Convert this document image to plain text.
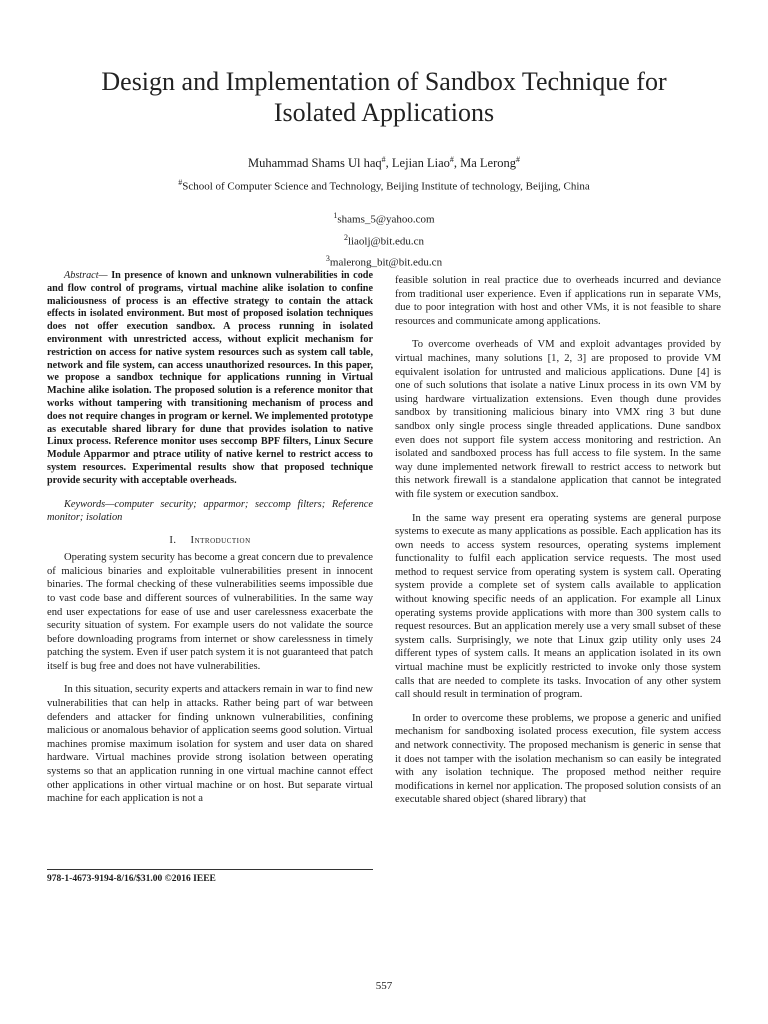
Design and Implementation of Sandbox Technique for Isolated Applications
Muhammad Shams Ul haq#, Lejian Liao#, Ma Lerong#
#School of Computer Science and Technology, Beijing Institute of technology, Beijing, China
$^1$shams_5@yahoo.com
$^2$liaolj@bit.edu.cn
$^3$malerong_bit@bit.edu.cn

Abstract— In presence of known and unknown vulnerabilities in code and flow control of programs, virtual machine alike isolation to confine maliciousness of process is an effective strategy to contain the attack effects in isolated environment. But most of proposed isolation techniques does not offer execution sandbox. A process running in isolated environment with unrestricted access, without explicit mechanism for restriction on access for native system resources such as system call table, network and file system, can access unauthorized resources. In this paper, we propose a sandbox technique for applications running in Virtual Machine alike isolation. The proposed solution is a reference monitor that works without tampering with transitioning mechanism of process and does not require changes in program or kernel. We implemented prototype as executable shared library for dune that provides isolation to native Linux process. Reference monitor uses seccomp BPF filters, Linux Secure Module Apparmor and ptrace utility of native kernel to restrict access to system resources. Experimental results show that proposed technique provide security with acceptable overheads.

Keywords—computer security; apparmor; seccomp filters; Reference monitor; isolation

I. Introduction

Operating system security has become a great concern due to prevalence of malicious binaries and exploitable vulnerabilities present in innocent binaries. The formal checking of these vulnerabilities seems impossible due to vast code base and different sources of vulnerabilities. In the same way end user expectations for ease of use and user carelessness exacerbate the security situation of system. For example users do not validate the source before downloading programs from internet or show carelessness in timely patching the system. Even if user patch system it is not guaranteed that patch itself is bug free and does not have vulnerabilities.

In this situation, security experts and attackers remain in war to find new vulnerabilities that can help in attacks. Rather being part of war between defenders and attacker for finding unknown vulnerabilities, confining malicious or anomalous behavior of application seems good solution. Virtual machines promise maximum isolation for system and user data on shared hardware. Virtual machines provide strong isolation between operating systems so that an application running in one virtual machine cannot effect other applications in other virtual machine or on host. But separate virtual machine for each application is not a

978-1-4673-9194-8/16/$31.00 ©2016 IEEE

feasible solution in real practice due to overheads incurred and deviance from traditional user experience. Even if applications run in separate VMs, due to poor integration with host and other VMs, it is not feasible to share resources and communicate among applications.

To overcome overheads of VM and exploit advantages provided by virtual machines, many solutions [1, 2, 3] are proposed to provide VM equivalent isolation for untrusted and malicious applications. Dune [4] is one of such solutions that isolate a native Linux process in its own VM by using hardware virtualization extensions. Even though dune provides sandbox by transitioning malicious binary into VMX ring 3 but dune sandbox only single process single threaded applications. Dune sandbox even does not support file system access monitoring and restriction. An isolated and sandboxed process has full access to file system. In the same way dune implemented network firewall to restrict access to network but this network firewall is a standalone application that cannot be integrated with file system or execution sandbox.

In the same way present era operating systems are general purpose systems to execute as many applications as possible. Each application has its own needs to access system resources, operating systems implement functionality to fulfil each application service requests. The most used method to request service from operating system is system call. Operating system provide a complete set of system calls available to application without knowing specific needs of an application. For example all Linux operating systems provide applications with more than 300 system calls to request resources. But an application merely use a very small subset of these system calls. Surprisingly, we note that Linux gzip utility only uses 24 different types of system calls. It means an application isolated in its own virtual machine must be explicitly restricted to invoke only those system calls that are needed to complete its tasks. Invocation of any other system call should result in termination of program.

In order to overcome these problems, we propose a generic and unified mechanism for sandboxing isolated process execution, file system access and network connectivity. The proposed mechanism is generic in sense that it does not tamper with the isolation mechanism so can easily be integrated with any isolation technique. The proposed method neither require modifications in kernel nor application. The proposed solution consists of an executable shared object (shared library) that

557
